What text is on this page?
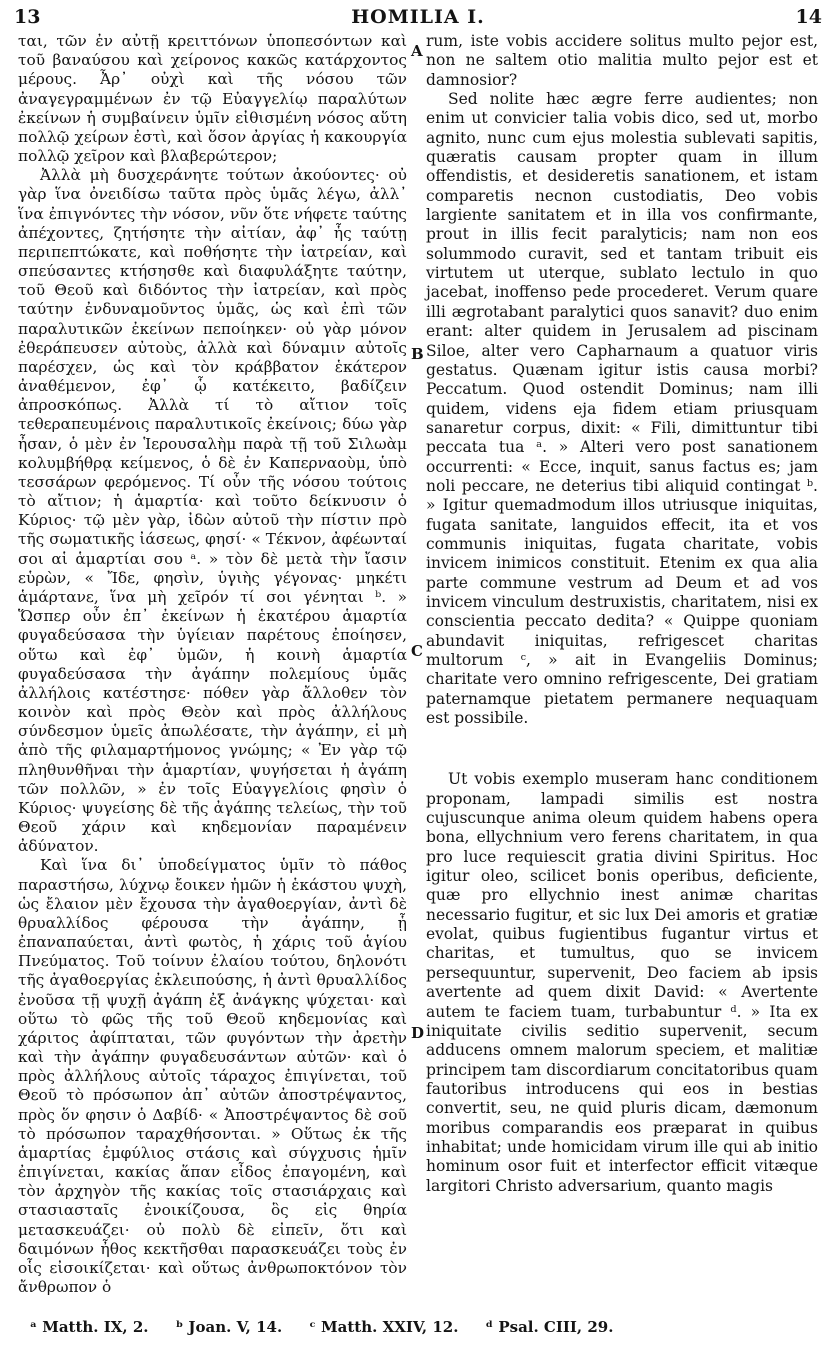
13	HOMILIA I.	14

ται, τῶν ἐν αὐτῇ κρειττόνων ὑποπεσόντων καὶ τοῦ βαναύσου καὶ χείρονος κακῶς κατάρχοντος μέρους. Ἆρ᾽ οὐχὶ καὶ τῆς νόσου τῶν ἀναγεγραμμένων ἐν τῷ Εὐαγγελίῳ παραλύτων ἐκείνων ἡ συμβαίνειν ὑμῖν εἰθισμένη νόσος αὕτη πολλῷ χείρων ἐστὶ, καὶ ὅσον ἀργίας ἡ κακουργία πολλῷ χεῖρον καὶ βλαβερώτερον;

Ἀλλὰ μὴ δυσχεράνητε τούτων ἀκούοντες· οὐ γὰρ ἵνα ὀνειδίσω ταῦτα πρὸς ὑμᾶς λέγω, ἀλλ᾽ ἵνα ἐπιγνόντες τὴν νόσον, νῦν ὅτε νήφετε ταύτης ἀπέχοντες, ζητήσητε τὴν αἰτίαν, ἀφ᾽ ἧς ταύτῃ περιπεπτώκατε, καὶ ποθήσητε τὴν ἰατρείαν, καὶ σπεύσαντες κτήσησθε καὶ διαφυλάξητε ταύτην, τοῦ Θεοῦ καὶ διδόντος τὴν ἰατρείαν, καὶ πρὸς ταύτην ἐνδυναμοῦντος ὑμᾶς, ὡς καὶ ἐπὶ τῶν παραλυτικῶν ἐκείνων πεποίηκεν· οὐ γὰρ μόνον ἐθεράπευσεν αὐτοὺς, ἀλλὰ καὶ δύναμιν αὐτοῖς παρέσχεν, ὡς καὶ τὸν κράββατον ἑκάτερον ἀναθέμενον, ἐφ᾽ ᾧ κατέκειτο, βαδίζειν ἀπροσκόπως. Ἀλλὰ τί τὸ αἴτιον τοῖς τεθεραπευμένοις παραλυτικοῖς ἐκείνοις; δύω γὰρ ἦσαν, ὁ μὲν ἐν Ἱερουσαλὴμ παρὰ τῇ τοῦ Σιλωὰμ κολυμβήθρᾳ κείμενος, ὁ δὲ ἐν Καπερναοὺμ, ὑπὸ τεσσάρων φερόμενος. Τί οὖν τῆς νόσου τούτοις τὸ αἴτιον; ἡ ἁμαρτία· καὶ τοῦτο δείκνυσιν ὁ Κύριος· τῷ μὲν γὰρ, ἰδὼν αὐτοῦ τὴν πίστιν πρὸ τῆς σωματικῆς ἰάσεως, φησί· « Τέκνον, ἀφέωνταί σοι αἱ ἁμαρτίαι σου ᵃ. » τὸν δὲ μετὰ τὴν ἴασιν εὑρὼν, « Ἴδε, φησὶν, ὑγιὴς γέγονας· μηκέτι ἁμάρτανε, ἵνα μὴ χεῖρόν τί σοι γένηται ᵇ. » Ὥσπερ οὖν ἐπ᾽ ἐκείνων ἡ ἑκατέρου ἁμαρτία φυγαδεύσασα τὴν ὑγίειαν παρέτους ἐποίησεν, οὕτω καὶ ἐφ᾽ ὑμῶν, ἡ κοινὴ ἁμαρτία φυγαδεύσασα τὴν ἀγάπην πολεμίους ὑμᾶς ἀλλήλοις κατέστησε· πόθεν γὰρ ἄλλοθεν τὸν κοινὸν καὶ πρὸς Θεὸν καὶ πρὸς ἀλλήλους σύνδεσμον ὑμεῖς ἀπωλέσατε, τὴν ἀγάπην, εἰ μὴ ἀπὸ τῆς φιλαμαρτήμονος γνώμης; « Ἐν γὰρ τῷ πληθυνθῆναι τὴν ἁμαρτίαν, ψυγήσεται ἡ ἀγάπη τῶν πολλῶν, » ἐν τοῖς Εὐαγγελίοις φησὶν ὁ Κύριος· ψυγείσης δὲ τῆς ἀγάπης τελείως, τὴν τοῦ Θεοῦ χάριν καὶ κηδεμονίαν παραμένειν ἀδύνατον.

Καὶ ἵνα δι᾽ ὑποδείγματος ὑμῖν τὸ πάθος παραστήσω, λύχνῳ ἔοικεν ἡμῶν ἡ ἑκάστου ψυχὴ, ὡς ἔλαιον μὲν ἔχουσα τὴν ἀγαθοεργίαν, ἀντὶ δὲ θρυαλλίδος φέρουσα τὴν ἀγάπην, ᾗ ἐπαναπαύεται, ἀντὶ φωτὸς, ἡ χάρις τοῦ ἁγίου Πνεύματος. Τοῦ τοίνυν ἐλαίου τούτου, δηλονότι τῆς ἀγαθοεργίας ἐκλειπούσης, ἡ ἀντὶ θρυαλλίδος ἐνοῦσα τῇ ψυχῇ ἀγάπη ἐξ ἀνάγκης ψύχεται· καὶ οὕτω τὸ φῶς τῆς τοῦ Θεοῦ κηδεμονίας καὶ χάριτος ἀφίπταται, τῶν φυγόντων τὴν ἀρετὴν καὶ τὴν ἀγάπην φυγαδευσάντων αὐτῶν· καὶ ὁ πρὸς ἀλλήλους αὐτοῖς τάραχος ἐπιγίνεται, τοῦ Θεοῦ τὸ πρόσωπον ἀπ᾽ αὐτῶν ἀποστρέψαντος, πρὸς ὅν φησιν ὁ Δαβίδ· « Ἀποστρέψαντος δὲ σοῦ τὸ πρόσωπον ταραχθήσονται. » Οὕτως ἐκ τῆς ἁμαρτίας ἐμφύλιος στάσις καὶ σύγχυσις ἡμῖν ἐπιγίνεται, κακίας ἅπαν εἶδος ἐπαγομένη, καὶ τὸν ἀρχηγὸν τῆς κακίας τοῖς στασιάρχαις καὶ στασιασταῖς ἐνοικίζουσα, ὃς εἰς θηρία μετασκευάζει· οὐ πολὺ δὲ εἰπεῖν, ὅτι καὶ δαιμόνων ἦθος κεκτῆσθαι παρασκευάζει τοὺς ἐν οἷς εἰσοικίζεται· καὶ οὕτως ἀνθρωποκτόνον τὸν ἄνθρωπον ὁ

rum, iste vobis accidere solitus multo pejor est, non ne saltem otio malitia multo pejor est et damnosior?

Sed nolite hæc ægre ferre audientes; non enim ut convicier talia vobis dico, sed ut, morbo agnito, nunc cum ejus molestia sublevati sapitis, quæratis causam propter quam in illum offendistis, et desideretis sanationem, et istam comparetis necnon custodiatis, Deo vobis largiente sanitatem et in illa vos confirmante, prout in illis fecit paralyticis; nam non eos solummodo curavit, sed et tantam tribuit eis virtutem ut uterque, sublato lectulo in quo jacebat, inoffenso pede procederet. Verum quare illi ægrotabant paralytici quos sanavit? duo enim erant: alter quidem in Jerusalem ad piscinam Siloe, alter vero Capharnaum a quatuor viris gestatus. Quænam igitur istis causa morbi? Peccatum. Quod ostendit Dominus; nam illi quidem, videns eja fidem etiam priusquam sanaretur corpus, dixit: « Fili, dimittuntur tibi peccata tua ᵃ. » Alteri vero post sanationem occurrenti: « Ecce, inquit, sanus factus es; jam noli peccare, ne deterius tibi aliquid contingat ᵇ. » Igitur quemadmodum illos utriusque iniquitas, fugata sanitate, languidos effecit, ita et vos communis iniquitas, fugata charitate, vobis invicem inimicos constituit. Etenim ex qua alia parte commune vestrum ad Deum et ad vos invicem vinculum destruxistis, charitatem, nisi ex conscientia peccato dedita? « Quippe quoniam abundavit iniquitas, refrigescet charitas multorum ᶜ, » ait in Evangeliis Dominus; charitate vero omnino refrigescente, Dei gratiam paternamque pietatem permanere nequaquam est possibile.

Ut vobis exemplo museram hanc conditionem proponam, lampadi similis est nostra cujuscunque anima oleum quidem habens opera bona, ellychnium vero ferens charitatem, in qua pro luce requiescit gratia divini Spiritus. Hoc igitur oleo, scilicet bonis operibus, deficiente, quæ pro ellychnio inest animæ charitas necessario fugitur, et sic lux Dei amoris et gratiæ evolat, quibus fugientibus fugantur virtus et charitas, et tumultus, quo se invicem persequuntur, supervenit, Deo faciem ab ipsis avertente ad quem dixit David: « Avertente autem te faciem tuam, turbabuntur ᵈ. » Ita ex iniquitate civilis seditio supervenit, secum adducens omnem malorum speciem, et malitiæ principem tam discordiarum concitatoribus quam fautoribus introducens qui eos in bestias convertit, seu, ne quid pluris dicam, dæmonum moribus comparandis eos præparat in quibus inhabitat; unde homicidam virum ille qui ab initio hominum osor fuit et interfector efficit vitæque largitori Christo adversarium, quanto magis

A
B
C
D
ᵃ Matth. IX, 2. ᵇ Joan. V, 14. ᶜ Matth. XXIV, 12. ᵈ Psal. CIII, 29.
